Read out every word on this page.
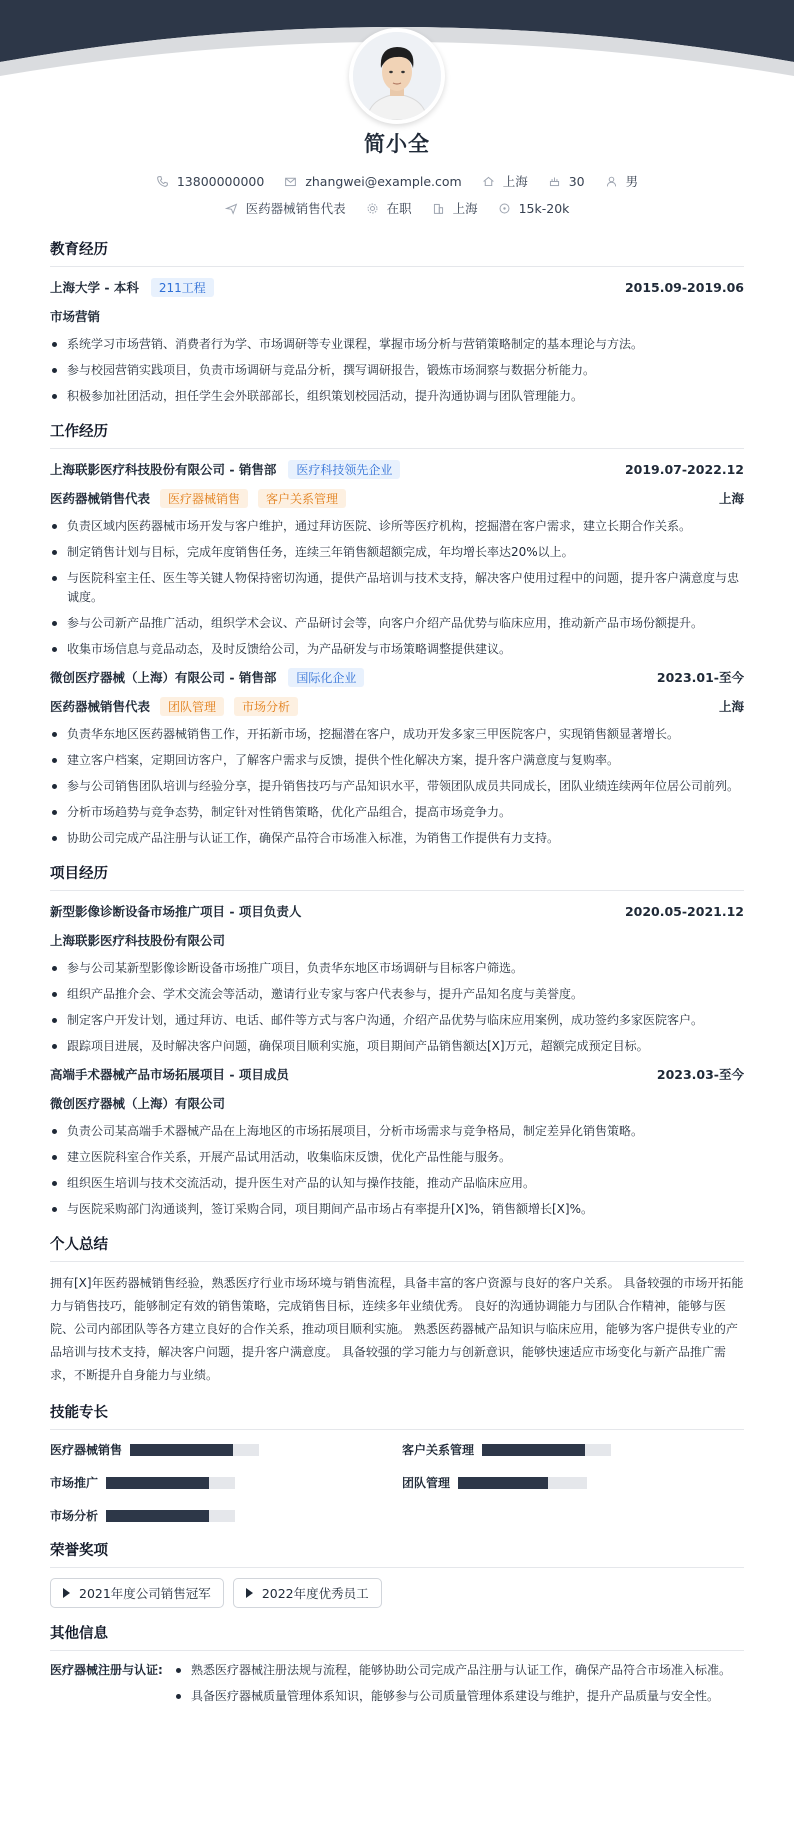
简小全
13800000000	zhangwei@example.com	上海	30	男
医药器械销售代表	在职	上海	15k-20k
教育经历
上海大学 - 本科	211工程	2015.09-2019.06
市场营销
系统学习市场营销、消费者行为学、市场调研等专业课程，掌握市场分析与营销策略制定的基本理论与方法。
参与校园营销实践项目，负责市场调研与竞品分析，撰写调研报告，锻炼市场洞察与数据分析能力。
积极参加社团活动，担任学生会外联部部长，组织策划校园活动，提升沟通协调与团队管理能力。
工作经历
上海联影医疗科技股份有限公司 - 销售部	医疗科技领先企业	2019.07-2022.12
医药器械销售代表	医疗器械销售	客户关系管理	上海
负责区域内医药器械市场开发与客户维护，通过拜访医院、诊所等医疗机构，挖掘潜在客户需求，建立长期合作关系。
制定销售计划与目标，完成年度销售任务，连续三年销售额超额完成，年均增长率达20%以上。
与医院科室主任、医生等关键人物保持密切沟通，提供产品培训与技术支持，解决客户使用过程中的问题，提升客户满意度与忠诚度。
参与公司新产品推广活动，组织学术会议、产品研讨会等，向客户介绍产品优势与临床应用，推动新产品市场份额提升。
收集市场信息与竞品动态，及时反馈给公司，为产品研发与市场策略调整提供建议。
微创医疗器械（上海）有限公司 - 销售部	国际化企业	2023.01-至今
医药器械销售代表	团队管理	市场分析	上海
负责华东地区医药器械销售工作，开拓新市场，挖掘潜在客户，成功开发多家三甲医院客户，实现销售额显著增长。
建立客户档案，定期回访客户，了解客户需求与反馈，提供个性化解决方案，提升客户满意度与复购率。
参与公司销售团队培训与经验分享，提升销售技巧与产品知识水平，带领团队成员共同成长，团队业绩连续两年位居公司前列。
分析市场趋势与竞争态势，制定针对性销售策略，优化产品组合，提高市场竞争力。
协助公司完成产品注册与认证工作，确保产品符合市场准入标准，为销售工作提供有力支持。
项目经历
新型影像诊断设备市场推广项目 - 项目负责人	2020.05-2021.12
上海联影医疗科技股份有限公司
参与公司某新型影像诊断设备市场推广项目，负责华东地区市场调研与目标客户筛选。
组织产品推介会、学术交流会等活动，邀请行业专家与客户代表参与，提升产品知名度与美誉度。
制定客户开发计划，通过拜访、电话、邮件等方式与客户沟通，介绍产品优势与临床应用案例，成功签约多家医院客户。
跟踪项目进展，及时解决客户问题，确保项目顺利实施，项目期间产品销售额达[X]万元，超额完成预定目标。
高端手术器械产品市场拓展项目 - 项目成员	2023.03-至今
微创医疗器械（上海）有限公司
负责公司某高端手术器械产品在上海地区的市场拓展项目，分析市场需求与竞争格局，制定差异化销售策略。
建立医院科室合作关系，开展产品试用活动，收集临床反馈，优化产品性能与服务。
组织医生培训与技术交流活动，提升医生对产品的认知与操作技能，推动产品临床应用。
与医院采购部门沟通谈判，签订采购合同，项目期间产品市场占有率提升[X]%，销售额增长[X]%。
个人总结
拥有[X]年医药器械销售经验，熟悉医疗行业市场环境与销售流程，具备丰富的客户资源与良好的客户关系。 具备较强的市场开拓能力与销售技巧，能够制定有效的销售策略，完成销售目标，连续多年业绩优秀。 良好的沟通协调能力与团队合作精神，能够与医院、公司内部团队等各方建立良好的合作关系，推动项目顺利实施。 熟悉医药器械产品知识与临床应用，能够为客户提供专业的产品培训与技术支持，解决客户问题，提升客户满意度。 具备较强的学习能力与创新意识，能够快速适应市场变化与新产品推广需求，不断提升自身能力与业绩。
技能专长
医疗器械销售	客户关系管理
市场推广	团队管理
市场分析
荣誉奖项
2021年度公司销售冠军	2022年度优秀员工
其他信息
医疗器械注册与认证:	熟悉医疗器械注册法规与流程，能够协助公司完成产品注册与认证工作，确保产品符合市场准入标准。
具备医疗器械质量管理体系知识，能够参与公司质量管理体系建设与维护，提升产品质量与安全性。
